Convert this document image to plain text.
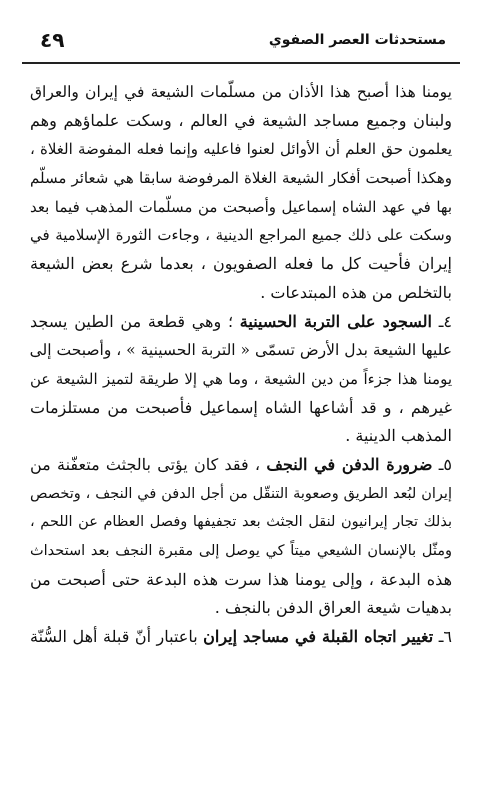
٤٩	مستحدثات العصر الصفوي
يومنا هذا أصبح هذا الأذان من مسلّمات الشيعة في إيران والعراق
ولبنان وجميع مساجد الشيعة في العالم ، وسكت علماؤهم وهم
يعلمون حق العلم أن الأوائل لعنوا فاعليه وإنما فعله المفوضة الغلاة ،
وهكذا أصبحت أفكار الشيعة الغلاة المرفوضة سابقا هي شعائر مسلّم
بها في عهد الشاه إسماعيل وأصبحت من مسلّمات المذهب فيما بعد
وسكت على ذلك جميع المراجع الدينية ، وجاءت الثورة الإسلامية في
إيران فأحيت كل ما فعله الصفويون ، بعدما شرع بعض الشيعة
بالتخلص من هذه المبتدعات .
٤ـ السجود على التربة الحسينية ؛ وهي قطعة من الطين يسجد
عليها الشيعة بدل الأرض تسمّى « التربة الحسينية » ، وأصبحت إلى
يومنا هذا جزءاً من دين الشيعة ، وما هي إلا طريقة لتميز الشيعة عن
غيرهم ، و قد أشاعها الشاه إسماعيل فأصبحت من مستلزمات
المذهب الدينية .
٥ـ ضرورة الدفن في النجف ، فقد كان يؤتى بالجثث متعفّنة من
إيران لبُعد الطريق وصعوبة التنقّل من أجل الدفن في النجف ، وتخصص
بذلك تجار إيرانيون لنقل الجثث بعد تجفيفها وفصل العظام عن اللحم ،
ومثّل بالإنسان الشيعي ميتاً كي يوصل إلى مقبرة النجف بعد استحداث
هذه البدعة ، وإلى يومنا هذا سرت هذه البدعة حتى أصبحت من
بدهيات شيعة العراق الدفن بالنجف .
٦ـ تغيير اتجاه القبلة في مساجد إيران باعتبار أنّ قبلة أهل السُّنّة
